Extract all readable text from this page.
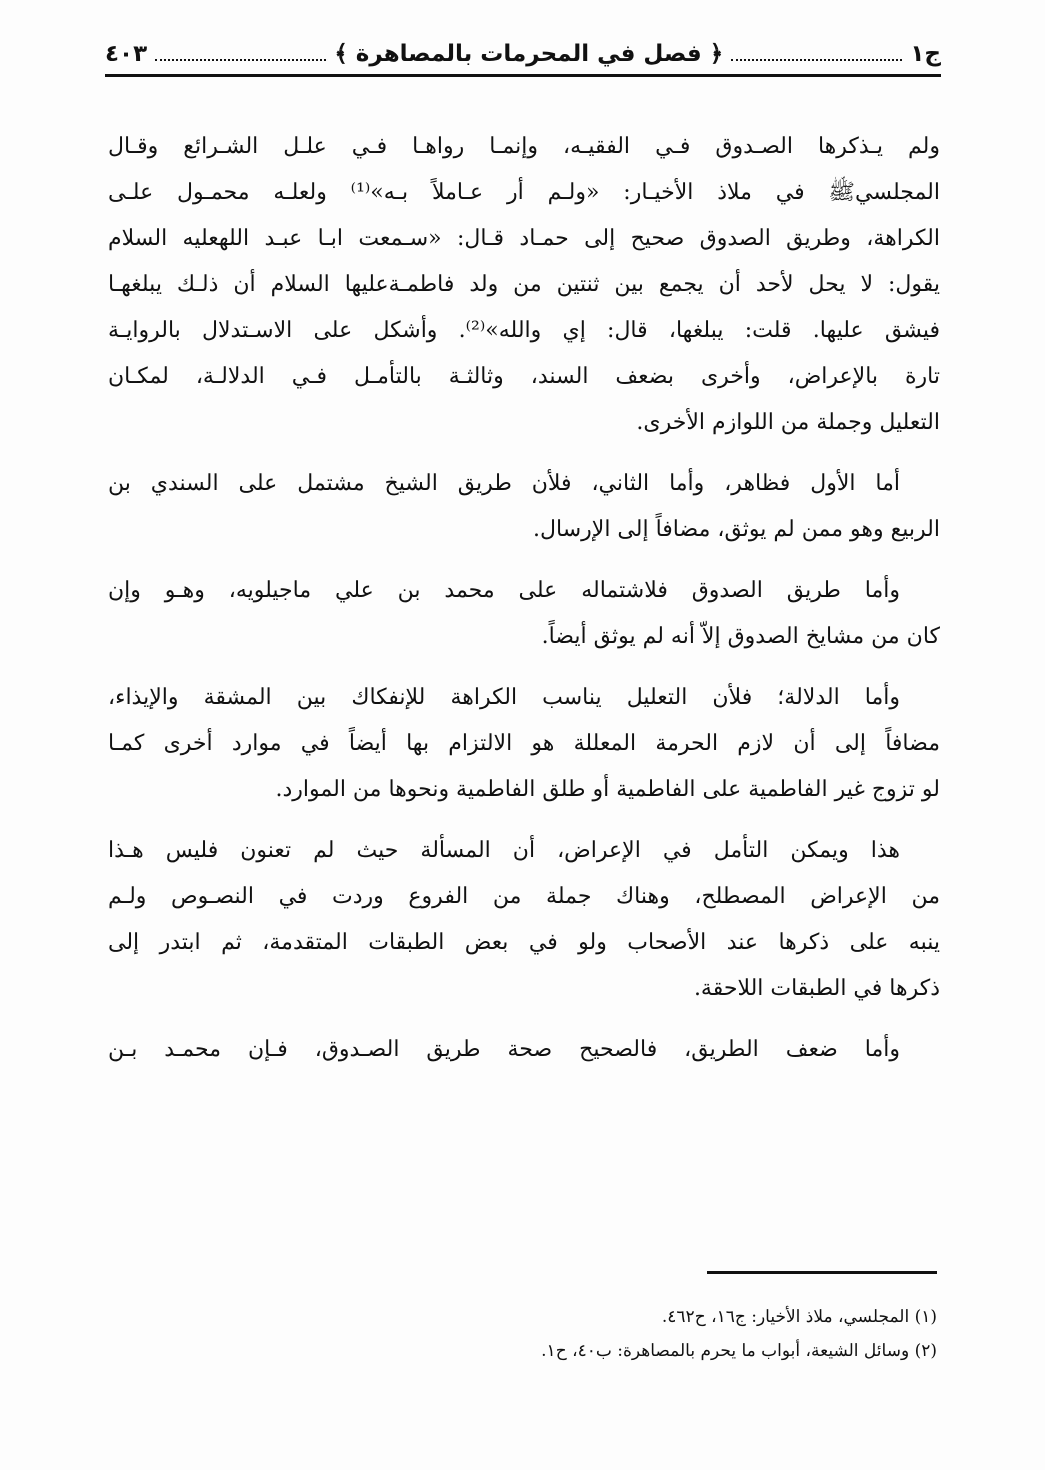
ج١
﴿ فصل في المحرمات بالمصاهرة ﴾
٤٠٣
ولم يـذكرها الصـدوق فـي الفقيـه، وإنمـا رواهـا فـي علـل الشـرائع وقـال
المجلسيﷺ في ملاذ الأخيـار: «ولـم أر عـاملاً بـه»⁽¹⁾ ولعلـه محمـول علـى
الكراهة، وطريق الصدوق صحيح إلى حمـاد قـال: «سـمعت ابـا عبـد اللهعليه السلام
يقول: لا يحل لأحد أن يجمع بين ثنتين من ولد فاطمـةعليها السلام أن ذلـك يبلغهـا
فيشق عليها. قلت: يبلغها، قال: إي والله»⁽²⁾. وأشكل على الاسـتدلال بالروايـة
تارة بالإعراض، وأخرى بضعف السند، وثالثـة بالتأمـل فـي الدلالـة، لمكـان
التعليل وجملة من اللوازم الأخرى.
أما الأول فظاهر، وأما الثاني، فلأن طريق الشيخ مشتمل على السندي بن
الربيع وهو ممن لم يوثق، مضافاً إلى الإرسال.
وأما طريق الصدوق فلاشتماله على محمد بن علي ماجيلويه، وهـو وإن
كان من مشايخ الصدوق إلاّ أنه لم يوثق أيضاً.
وأما الدلالة؛ فلأن التعليل يناسب الكراهة للإنفكاك بين المشقة والإيذاء،
مضافاً إلى أن لازم الحرمة المعللة هو الالتزام بها أيضاً في موارد أخرى كمـا
لو تزوج غير الفاطمية على الفاطمية أو طلق الفاطمية ونحوها من الموارد.
هذا ويمكن التأمل في الإعراض، أن المسألة حيث لم تعنون فليس هـذا
من الإعراض المصطلح، وهناك جملة من الفروع وردت في النصـوص ولـم
ينبه على ذكرها عند الأصحاب ولو في بعض الطبقات المتقدمة، ثم ابتدر إلى
ذكرها في الطبقات اللاحقة.
وأما ضعف الطريق، فالصحيح صحة طريق الصـدوق، فـإن محمـد بـن
(١) المجلسي، ملاذ الأخيار: ج١٦، ح٤٦٢.
(٢) وسائل الشيعة، أبواب ما يحرم بالمصاهرة: ب٤٠، ح١.
